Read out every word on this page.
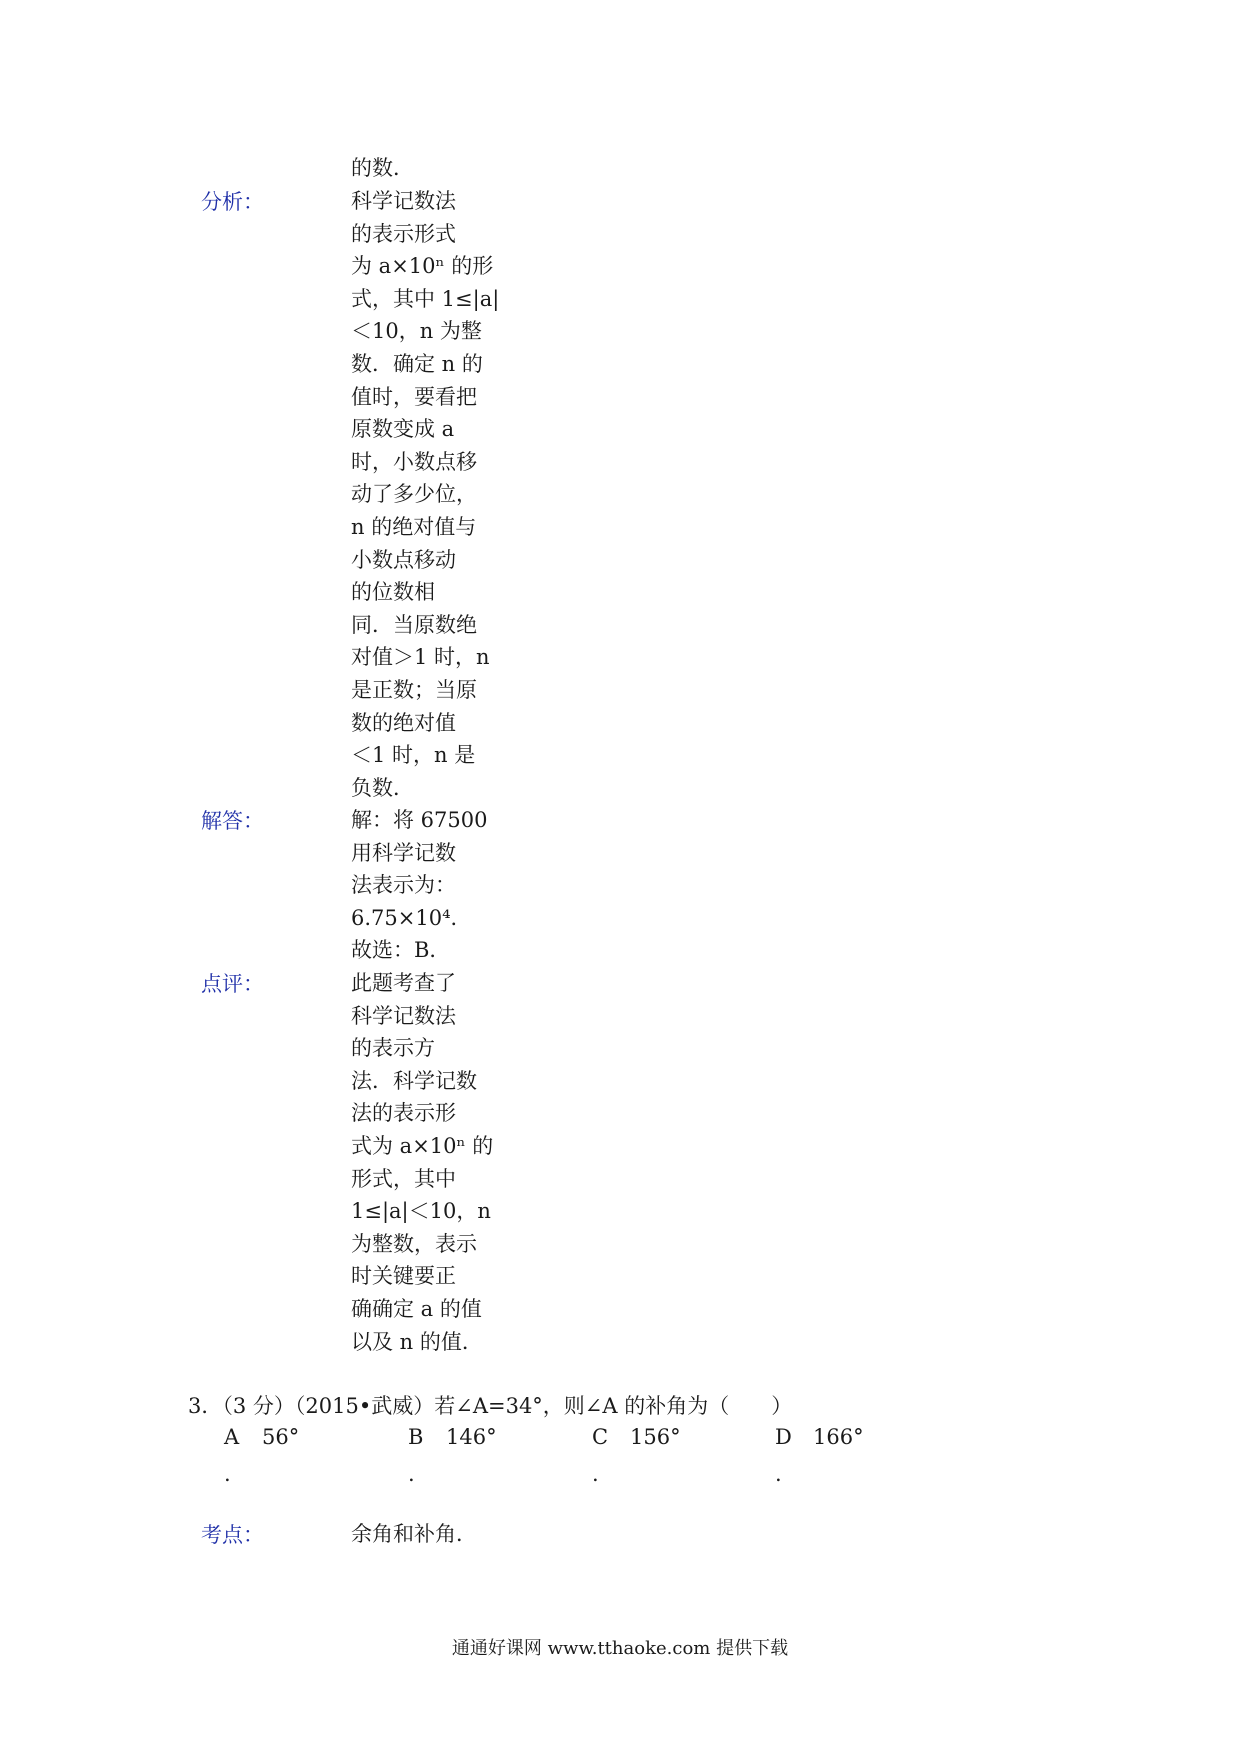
的数．
分析：	科学记数法
的表示形式
为 a×10ⁿ 的形
式，其中 1≤|a|
＜10，n 为整
数．确定 n 的
值时，要看把
原数变成 a
时，小数点移
动了多少位，
n 的绝对值与
小数点移动
的位数相
同．当原数绝
对值＞1 时，n
是正数；当原
数的绝对值
＜1 时，n 是
负数．
解答：	解：将 67500
用科学记数
法表示为：
6.75×10⁴．
故选：B．
点评：	此题考查了
科学记数法
的表示方
法．科学记数
法的表示形
式为 a×10ⁿ 的
形式，其中
1≤|a|＜10，n
为整数，表示
时关键要正
确确定 a 的值
以及 n 的值．
3．（3 分）（2015•武威）若∠A=34°，则∠A 的补角为（　　）
A 56°	B 146°	C 156°	D 166°
.	.	.	.
考点：	余角和补角．
通通好课网 www.tthaoke.com 提供下载
